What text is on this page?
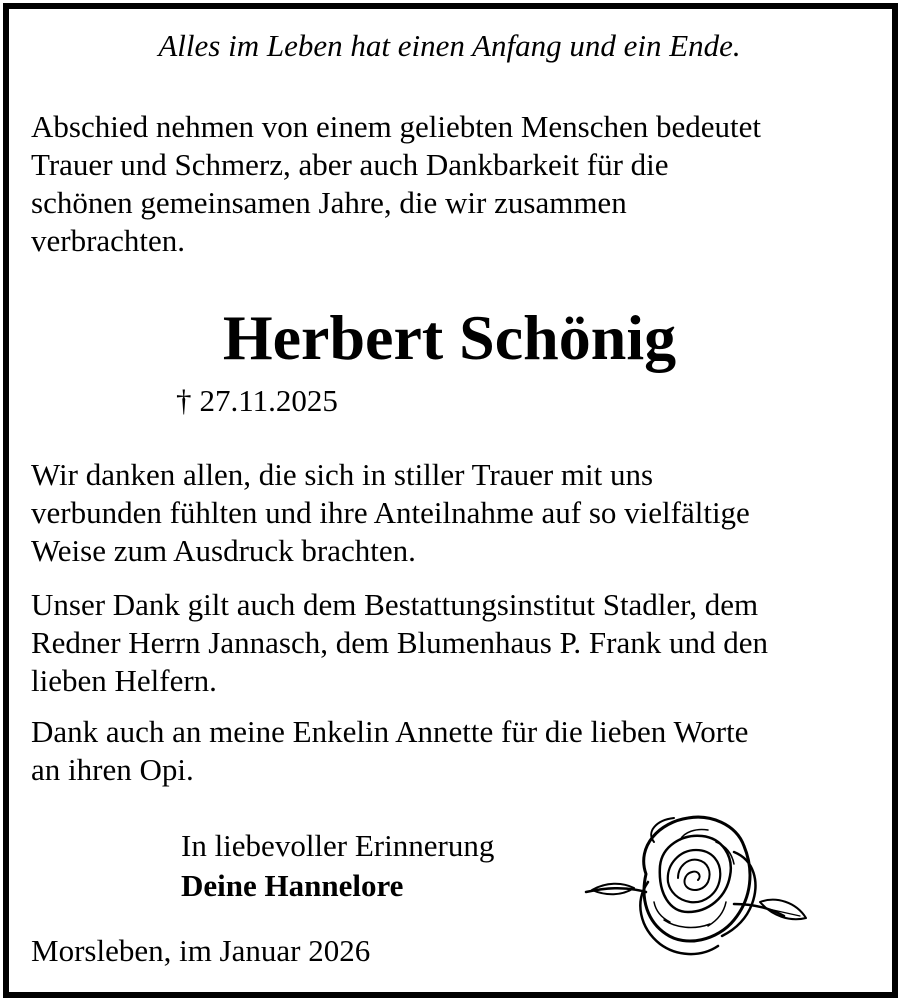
Alles im Leben hat einen Anfang und ein Ende.
Abschied nehmen von einem geliebten Menschen bedeutet
Trauer und Schmerz, aber auch Dankbarkeit für die
schönen gemeinsamen Jahre, die wir zusammen
verbrachten.
Herbert Schönig
† 27.11.2025
Wir danken allen, die sich in stiller Trauer mit uns
verbunden fühlten und ihre Anteilnahme auf so vielfältige
Weise zum Ausdruck brachten.
Unser Dank gilt auch dem Bestattungsinstitut Stadler, dem
Redner Herrn Jannasch, dem Blumenhaus P. Frank und den
lieben Helfern.
Dank auch an meine Enkelin Annette für die lieben Worte
an ihren Opi.
In liebevoller Erinnerung
Deine Hannelore
Morsleben, im Januar 2026
